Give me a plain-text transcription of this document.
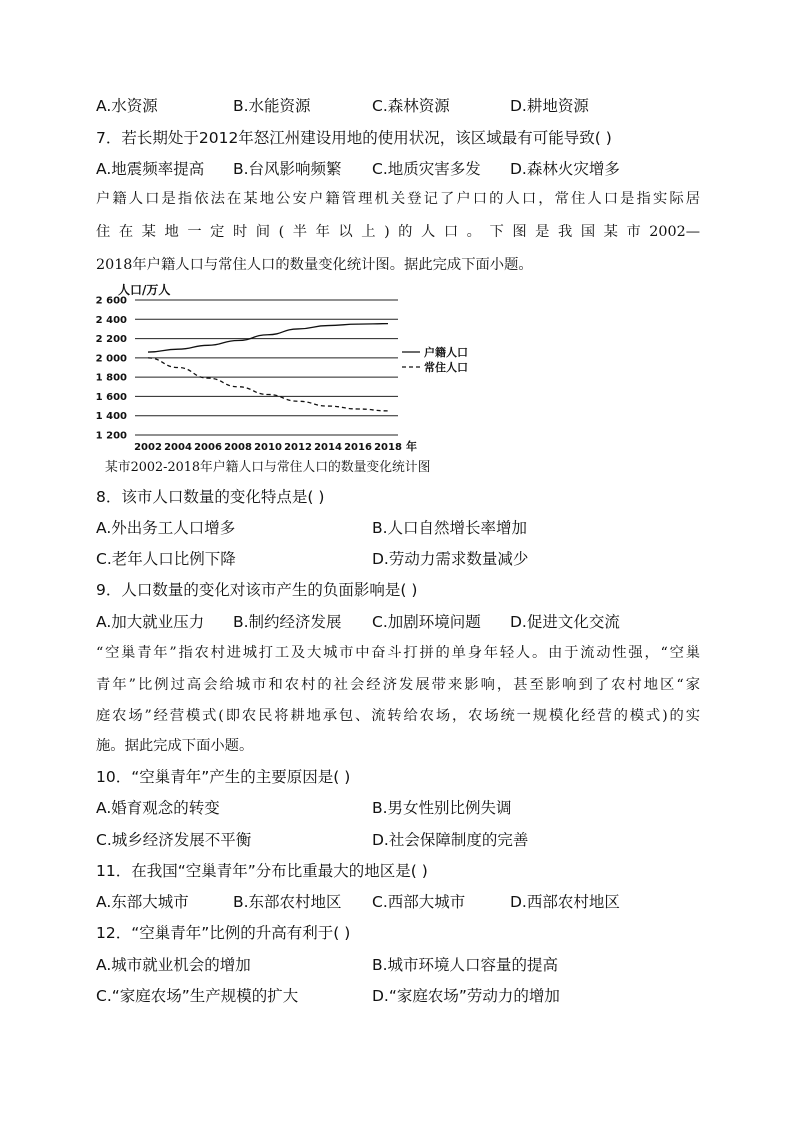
A.水资源	B.水能资源	C.森林资源	D.耕地资源
7．若长期处于2012年怒江州建设用地的使用状况，该区域最有可能导致( )
A.地震频率提高 B.台风影响频繁 C.地质灾害多发 D.森林火灾增多
户籍人口是指依法在某地公安户籍管理机关登记了户口的人口，常住人口是指实际居
住在某地一定时间(半年以上)的人口。下图是我国某市2002—
2018年户籍人口与常住人口的数量变化统计图。据此完成下面小题。
1 200
1 400
1 600
1 800
2 000
2 200
2 400
2 600
2002 2004 2006 2008 2010 2012 2014 2016 2018
人口/万人
年
户籍人口
常住人口
某市2002-2018年户籍人口与常住人口的数量变化统计图
8．该市人口数量的变化特点是( )
A.外出务工人口增多	B.人口自然增长率增加
C.老年人口比例下降	D.劳动力需求数量减少
9．人口数量的变化对该市产生的负面影响是( )
A.加大就业压力 B.制约经济发展 C.加剧环境问题 D.促进文化交流
“空巢青年”指农村进城打工及大城市中奋斗打拼的单身年轻人。由于流动性强，“空巢
青年”比例过高会给城市和农村的社会经济发展带来影响，甚至影响到了农村地区“家
庭农场”经营模式(即农民将耕地承包、流转给农场，农场统一规模化经营的模式)的实
施。据此完成下面小题。
10．“空巢青年”产生的主要原因是( )
A.婚育观念的转变	B.男女性别比例失调
C.城乡经济发展不平衡	D.社会保障制度的完善
11．在我国“空巢青年”分布比重最大的地区是( )
A.东部大城市	B.东部农村地区 C.西部大城市	D.西部农村地区
12．“空巢青年”比例的升高有利于( )
A.城市就业机会的增加	B.城市环境人口容量的提高
C.“家庭农场”生产规模的扩大	D.“家庭农场”劳动力的增加
